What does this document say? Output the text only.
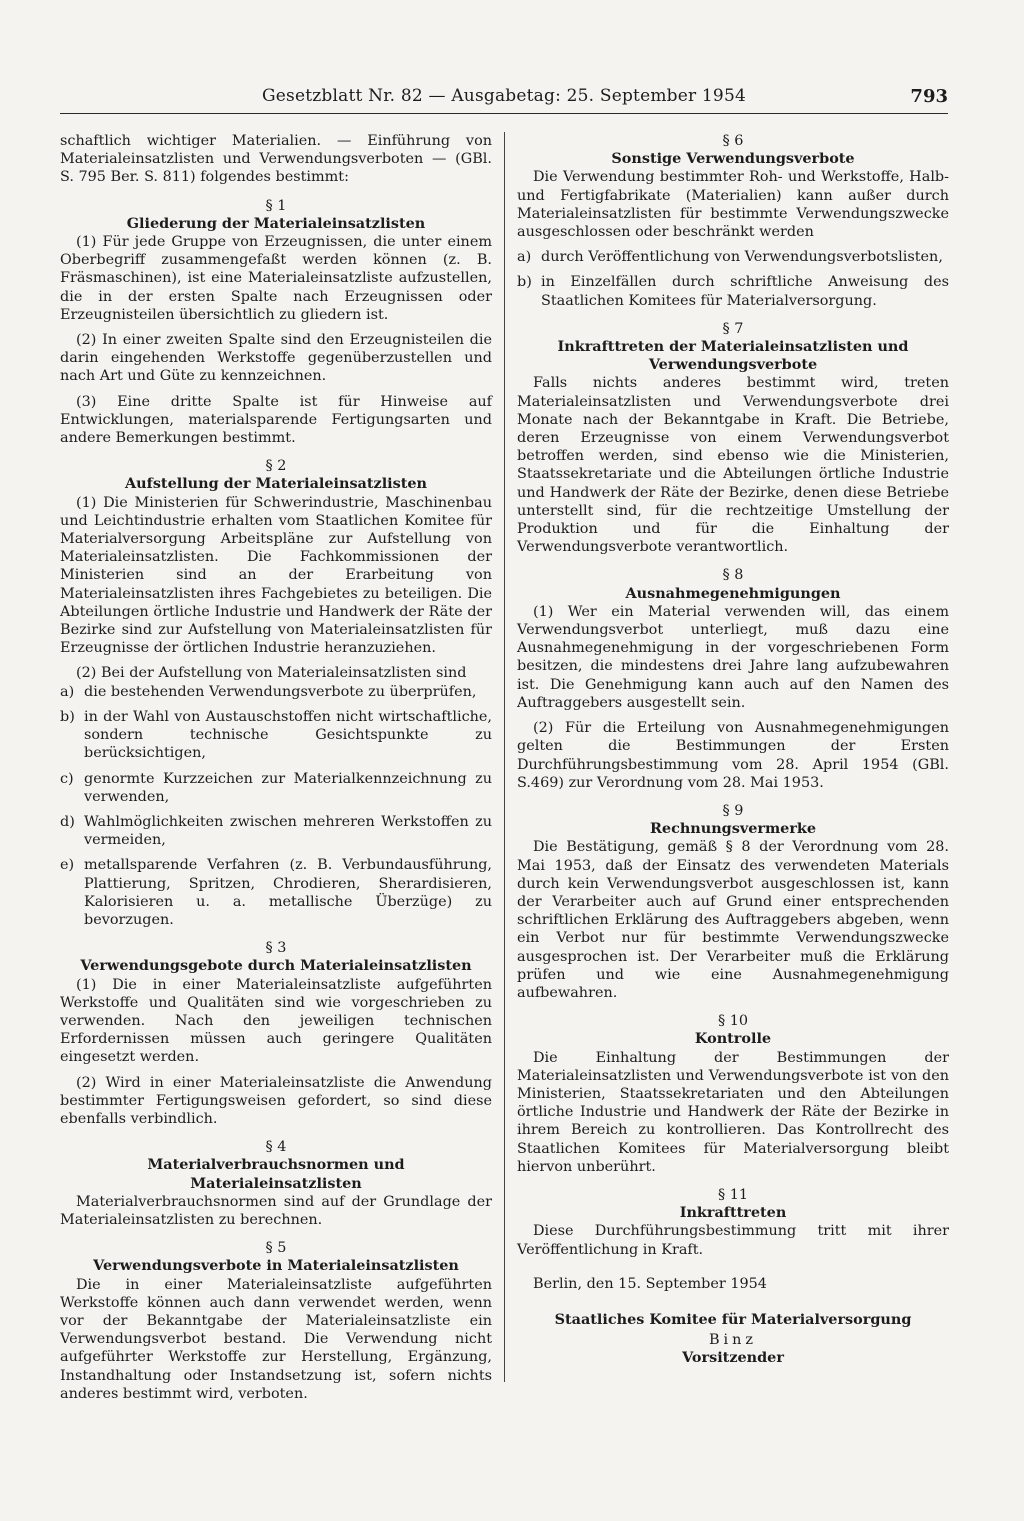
Gesetzblatt Nr. 82 — Ausgabetag: 25. September 1954	793

schaftlich wichtiger Materialien. — Einführung von Materialeinsatzlisten und Verwendungsverboten — (GBl. S. 795 Ber. S. 811) folgendes bestimmt:

§ 1
Gliederung der Materialeinsatzlisten

(1) Für jede Gruppe von Erzeugnissen, die unter einem Oberbegriff zusammengefaßt werden können (z. B. Fräsmaschinen), ist eine Materialeinsatzliste aufzustellen, die in der ersten Spalte nach Erzeugnissen oder Erzeugnisteilen übersichtlich zu gliedern ist.

(2) In einer zweiten Spalte sind den Erzeugnisteilen die darin eingehenden Werkstoffe gegenüberzustellen und nach Art und Güte zu kennzeichnen.

(3) Eine dritte Spalte ist für Hinweise auf Entwicklungen, materialsparende Fertigungsarten und andere Bemerkungen bestimmt.

§ 2
Aufstellung der Materialeinsatzlisten

(1) Die Ministerien für Schwerindustrie, Maschinenbau und Leichtindustrie erhalten vom Staatlichen Komitee für Materialversorgung Arbeitspläne zur Aufstellung von Materialeinsatzlisten. Die Fachkommissionen der Ministerien sind an der Erarbeitung von Materialeinsatzlisten ihres Fachgebietes zu beteiligen. Die Abteilungen örtliche Industrie und Handwerk der Räte der Bezirke sind zur Aufstellung von Materialeinsatzlisten für Erzeugnisse der örtlichen Industrie heranzuziehen.

(2) Bei der Aufstellung von Materialeinsatzlisten sind

a) die bestehenden Verwendungsverbote zu überprüfen,
b) in der Wahl von Austauschstoffen nicht wirtschaftliche, sondern technische Gesichtspunkte zu berücksichtigen,
c) genormte Kurzzeichen zur Materialkennzeichnung zu verwenden,
d) Wahlmöglichkeiten zwischen mehreren Werkstoffen zu vermeiden,
e) metallsparende Verfahren (z. B. Verbundausführung, Plattierung, Spritzen, Chrodieren, Sherardisieren, Kalorisieren u. a. metallische Überzüge) zu bevorzugen.
§ 3
Verwendungsgebote durch Materialeinsatzlisten

(1) Die in einer Materialeinsatzliste aufgeführten Werkstoffe und Qualitäten sind wie vorgeschrieben zu verwenden. Nach den jeweiligen technischen Erfordernissen müssen auch geringere Qualitäten eingesetzt werden.

(2) Wird in einer Materialeinsatzliste die Anwendung bestimmter Fertigungsweisen gefordert, so sind diese ebenfalls verbindlich.

§ 4
Materialverbrauchsnormen und Materialeinsatzlisten

Materialverbrauchsnormen sind auf der Grundlage der Materialeinsatzlisten zu berechnen.

§ 5
Verwendungsverbote in Materialeinsatzlisten

Die in einer Materialeinsatzliste aufgeführten Werkstoffe können auch dann verwendet werden, wenn vor der Bekanntgabe der Materialeinsatzliste ein Verwendungsverbot bestand. Die Verwendung nicht aufgeführter Werkstoffe zur Herstellung, Ergänzung, Instandhaltung oder Instandsetzung ist, sofern nichts anderes bestimmt wird, verboten.

§ 6
Sonstige Verwendungsverbote

Die Verwendung bestimmter Roh- und Werkstoffe, Halb- und Fertigfabrikate (Materialien) kann außer durch Materialeinsatzlisten für bestimmte Verwendungszwecke ausgeschlossen oder beschränkt werden

a) durch Veröffentlichung von Verwendungsverbotslisten,
b) in Einzelfällen durch schriftliche Anweisung des Staatlichen Komitees für Materialversorgung.
§ 7
Inkrafttreten der Materialeinsatzlisten und Verwendungsverbote

Falls nichts anderes bestimmt wird, treten Materialeinsatzlisten und Verwendungsverbote drei Monate nach der Bekanntgabe in Kraft. Die Betriebe, deren Erzeugnisse von einem Verwendungsverbot betroffen werden, sind ebenso wie die Ministerien, Staatssekretariate und die Abteilungen örtliche Industrie und Handwerk der Räte der Bezirke, denen diese Betriebe unterstellt sind, für die rechtzeitige Umstellung der Produktion und für die Einhaltung der Verwendungsverbote verantwortlich.

§ 8
Ausnahmegenehmigungen

(1) Wer ein Material verwenden will, das einem Verwendungsverbot unterliegt, muß dazu eine Ausnahmegenehmigung in der vorgeschriebenen Form besitzen, die mindestens drei Jahre lang aufzubewahren ist. Die Genehmigung kann auch auf den Namen des Auftraggebers ausgestellt sein.

(2) Für die Erteilung von Ausnahmegenehmigungen gelten die Bestimmungen der Ersten Durchführungsbestimmung vom 28. April 1954 (GBl. S.469) zur Verordnung vom 28. Mai 1953.

§ 9
Rechnungsvermerke

Die Bestätigung, gemäß § 8 der Verordnung vom 28. Mai 1953, daß der Einsatz des verwendeten Materials durch kein Verwendungsverbot ausgeschlossen ist, kann der Verarbeiter auch auf Grund einer entsprechenden schriftlichen Erklärung des Auftraggebers abgeben, wenn ein Verbot nur für bestimmte Verwendungszwecke ausgesprochen ist. Der Verarbeiter muß die Erklärung prüfen und wie eine Ausnahmegenehmigung aufbewahren.

§ 10
Kontrolle

Die Einhaltung der Bestimmungen der Materialeinsatzlisten und Verwendungsverbote ist von den Ministerien, Staatssekretariaten und den Abteilungen örtliche Industrie und Handwerk der Räte der Bezirke in ihrem Bereich zu kontrollieren. Das Kontrollrecht des Staatlichen Komitees für Materialversorgung bleibt hiervon unberührt.

§ 11
Inkrafttreten

Diese Durchführungsbestimmung tritt mit ihrer Veröffentlichung in Kraft.

Berlin, den 15. September 1954

Staatliches Komitee für Materialversorgung
Binz
Vorsitzender
